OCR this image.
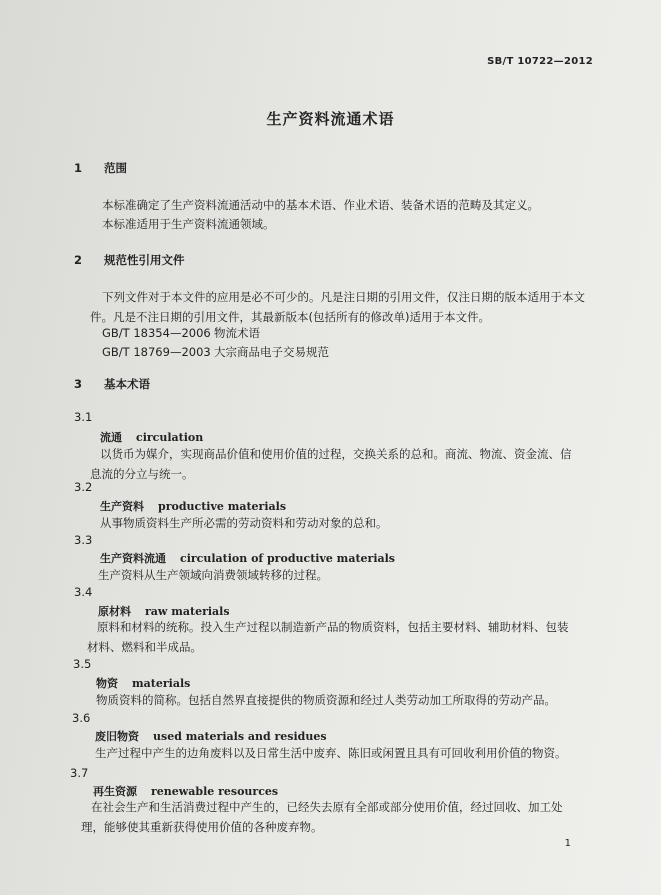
SB/T 10722—2012
生产资料流通术语
1 范围
本标准确定了生产资料流通活动中的基本术语、作业术语、装备术语的范畴及其定义。
本标准适用于生产资料流通领域。
2 规范性引用文件
下列文件对于本文件的应用是必不可少的。凡是注日期的引用文件，仅注日期的版本适用于本文件。凡是不注日期的引用文件，其最新版本(包括所有的修改单)适用于本文件。
GB/T 18354—2006 物流术语
GB/T 18769—2003 大宗商品电子交易规范
3 基本术语
3.1
流通 circulation
以货币为媒介，实现商品价值和使用价值的过程，交换关系的总和。商流、物流、资金流、信息流的分立与统一。
3.2
生产资料 productive materials
从事物质资料生产所必需的劳动资料和劳动对象的总和。
3.3
生产资料流通 circulation of productive materials
生产资料从生产领域向消费领域转移的过程。
3.4
原材料 raw materials
原料和材料的统称。投入生产过程以制造新产品的物质资料，包括主要材料、辅助材料、包装材料、燃料和半成品。
3.5
物资 materials
物质资料的简称。包括自然界直接提供的物质资源和经过人类劳动加工所取得的劳动产品。
3.6
废旧物资 used materials and residues
生产过程中产生的边角废料以及日常生活中废弃、陈旧或闲置且具有可回收利用价值的物资。
3.7
再生资源 renewable resources
在社会生产和生活消费过程中产生的，已经失去原有全部或部分使用价值，经过回收、加工处理，能够使其重新获得使用价值的各种废弃物。
1
